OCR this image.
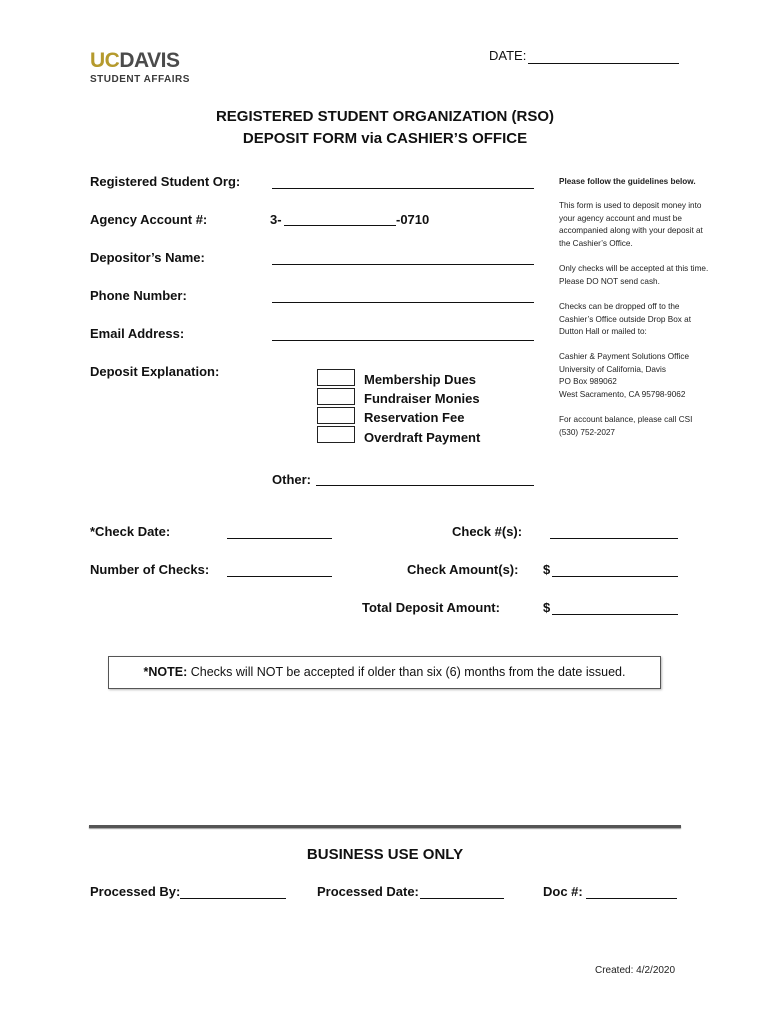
UCDAVIS
STUDENT AFFAIRS
DATE:
REGISTERED STUDENT ORGANIZATION (RSO)
DEPOSIT FORM via CASHIER’S OFFICE
Registered Student Org:
Agency Account #:	3-	-0710
Depositor’s Name:
Phone Number:
Email Address:
Deposit Explanation:
Membership Dues
Fundraiser Monies
Reservation Fee
Overdraft Payment
Other:
Please follow the guidelines below.
This form is used to deposit money into your agency account and must be accompanied along with your deposit at the Cashier’s Office.
Only checks will be accepted at this time. Please DO NOT send cash.
Checks can be dropped off to the Cashier’s Office outside Drop Box at Dutton Hall or mailed to:
Cashier & Payment Solutions Office
University of California, Davis
PO Box 989062
West Sacramento, CA 95798-9062
For account balance, please call CSI (530) 752-2027
*Check Date:	Check #(s):
Number of Checks:	Check Amount(s): $
Total Deposit Amount:	$
*NOTE: Checks will NOT be accepted if older than six (6) months from the date issued.
BUSINESS USE ONLY
Processed By:	Processed Date:	Doc #:
Created: 4/2/2020
